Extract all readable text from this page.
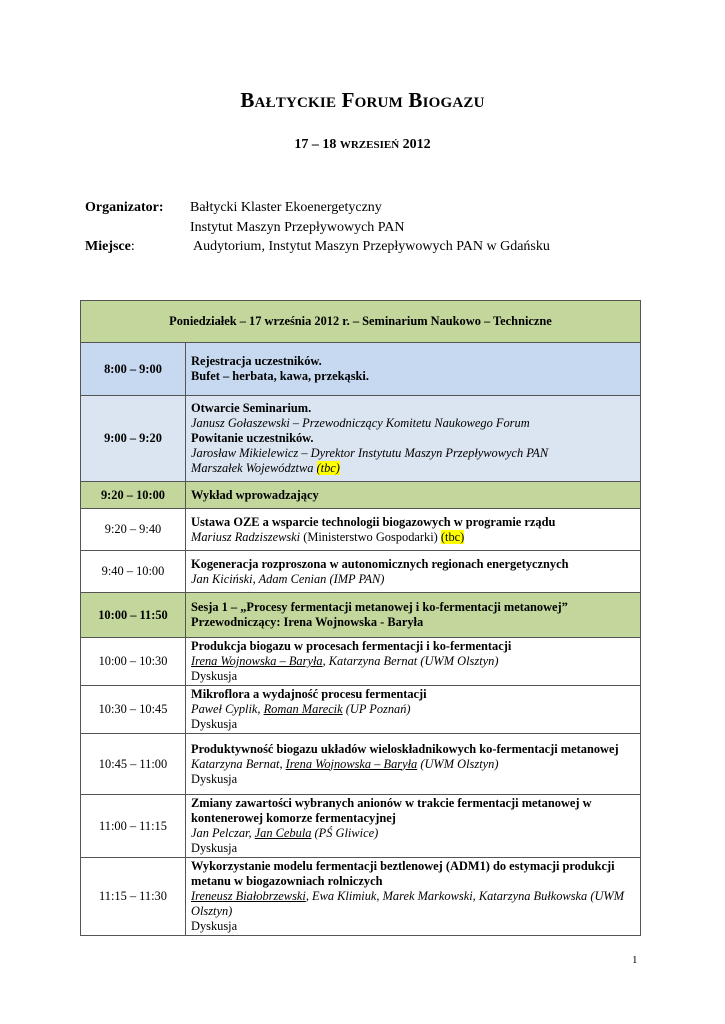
Bałtyckie Forum Biogazu
17 – 18 WRZESIEŃ 2012
Organizator: Bałtycki Klaster Ekoenergetyczny
Instytut Maszyn Przepływowych PAN
Miejsce:	Audytorium, Instytut Maszyn Przepływowych PAN w Gdańsku
Poniedziałek – 17 września 2012 r. – Seminarium Naukowo – Techniczne	
8:00 – 9:00	Rejestracja uczestników.
Bufet – herbata, kawa, przekąski.

9:00 – 9:20	Otwarcie Seminarium.
Janusz Gołaszewski – Przewodniczący Komitetu Naukowego Forum
Powitanie uczestników.
Jarosław Mikielewicz – Dyrektor Instytutu Maszyn Przepływowych PAN
Marszałek Województwa (tbc)

9:20 – 10:00	Wykład wprowadzający
9:20 – 9:40	Ustawa OZE a wsparcie technologii biogazowych w programie rządu
Mariusz Radziszewski (Ministerstwo Gospodarki) (tbc)

9:40 – 10:00	Kogeneracja rozproszona w autonomicznych regionach energetycznych
Jan Kiciński, Adam Cenian (IMP PAN)

10:00 – 11:50	Sesja 1 – „Procesy fermentacji metanowej i ko-fermentacji metanowej”
Przewodniczący: Irena Wojnowska - Baryła

10:00 – 10:30	Produkcja biogazu w procesach fermentacji i ko-fermentacji
Irena Wojnowska – Baryła, Katarzyna Bernat (UWM Olsztyn)
Dyskusja

10:30 – 10:45	Mikroflora a wydajność procesu fermentacji
Paweł Cyplik, Roman Marecik (UP Poznań)
Dyskusja

10:45 – 11:00	Produktywność biogazu układów wieloskładnikowych ko-fermentacji metanowej
Katarzyna Bernat, Irena Wojnowska – Baryła (UWM Olsztyn)
Dyskusja

11:00 – 11:15	Zmiany zawartości wybranych anionów w trakcie fermentacji metanowej w kontenerowej komorze fermentacyjnej
Jan Pelczar, Jan Cebula (PŚ Gliwice)
Dyskusja

11:15 – 11:30	Wykorzystanie modelu fermentacji beztlenowej (ADM1) do estymacji produkcji metanu w biogazowniach rolniczych
Ireneusz Białobrzewski, Ewa Klimiuk, Marek Markowski, Katarzyna Bułkowska (UWM Olsztyn)
Dyskusja
1
